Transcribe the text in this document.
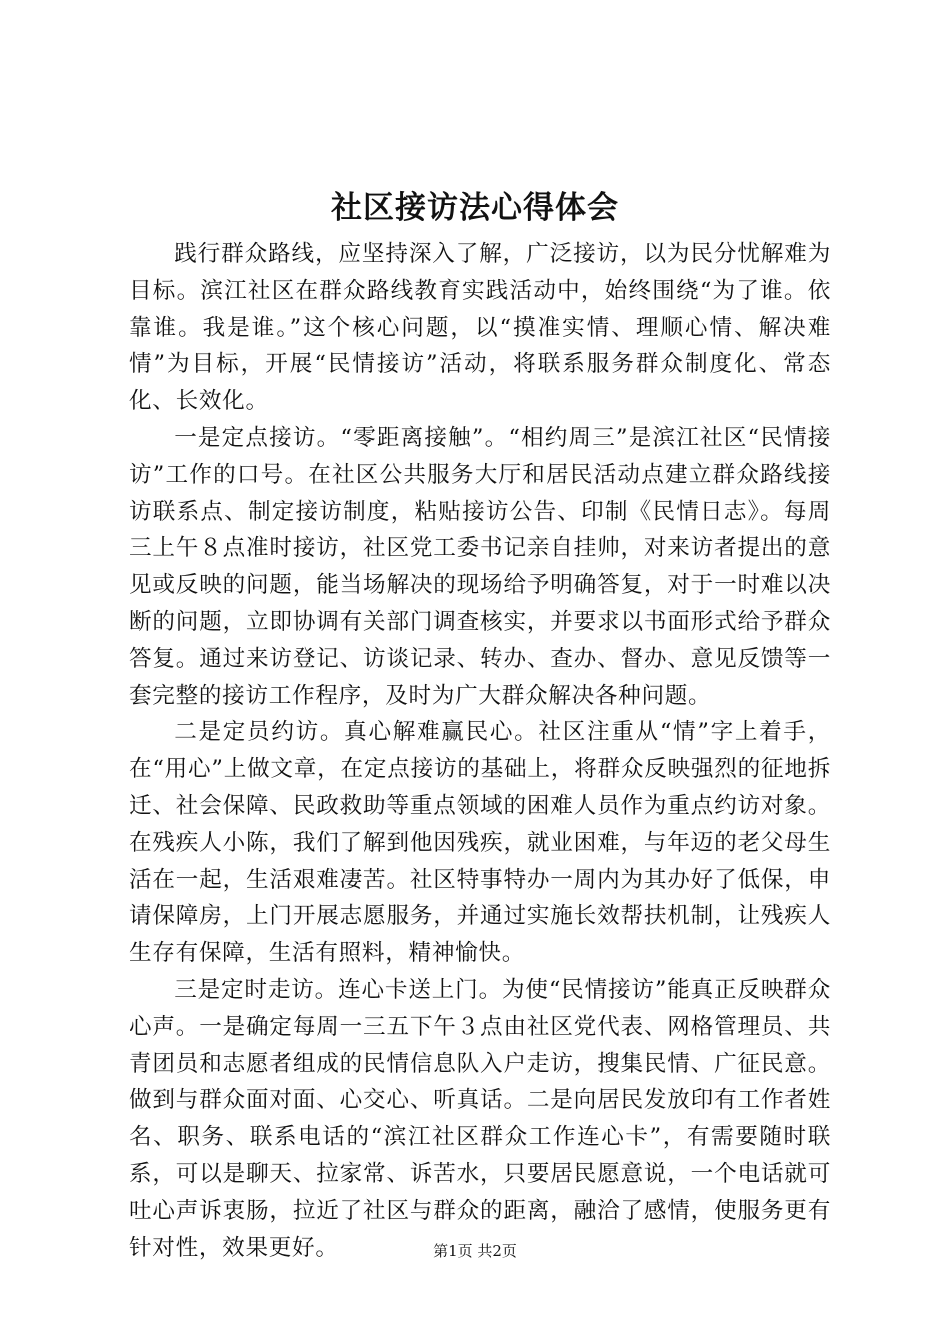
社区接访法心得体会

践行群众路线，应坚持深入了解，广泛接访，以为民分忧解难为目标。滨江社区在群众路线教育实践活动中，始终围绕“为了谁。依靠谁。我是谁。”这个核心问题，以“摸准实情、理顺心情、解决难情”为目标，开展“民情接访”活动，将联系服务群众制度化、常态化、长效化。

一是定点接访。“零距离接触”。“相约周三”是滨江社区“民情接访”工作的口号。在社区公共服务大厅和居民活动点建立群众路线接访联系点、制定接访制度，粘贴接访公告、印制《民情日志》。每周三上午８点准时接访，社区党工委书记亲自挂帅，对来访者提出的意见或反映的问题，能当场解决的现场给予明确答复，对于一时难以决断的问题，立即协调有关部门调查核实，并要求以书面形式给予群众答复。通过来访登记、访谈记录、转办、查办、督办、意见反馈等一套完整的接访工作程序，及时为广大群众解决各种问题。

二是定员约访。真心解难赢民心。社区注重从“情”字上着手，在“用心”上做文章，在定点接访的基础上，将群众反映强烈的征地拆迁、社会保障、民政救助等重点领域的困难人员作为重点约访对象。在残疾人小陈，我们了解到他因残疾，就业困难，与年迈的老父母生活在一起，生活艰难凄苦。社区特事特办一周内为其办好了低保，申请保障房，上门开展志愿服务，并通过实施长效帮扶机制，让残疾人生存有保障，生活有照料，精神愉快。

三是定时走访。连心卡送上门。为使“民情接访”能真正反映群众心声。一是确定每周一三五下午３点由社区党代表、网格管理员、共青团员和志愿者组成的民情信息队入户走访，搜集民情、广征民意。做到与群众面对面、心交心、听真话。二是向居民发放印有工作者姓名、职务、联系电话的“滨江社区群众工作连心卡”，有需要随时联系，可以是聊天、拉家常、诉苦水，只要居民愿意说，一个电话就可吐心声诉衷肠，拉近了社区与群众的距离，融洽了感情，使服务更有针对性，效果更好。	第1页 共2页
